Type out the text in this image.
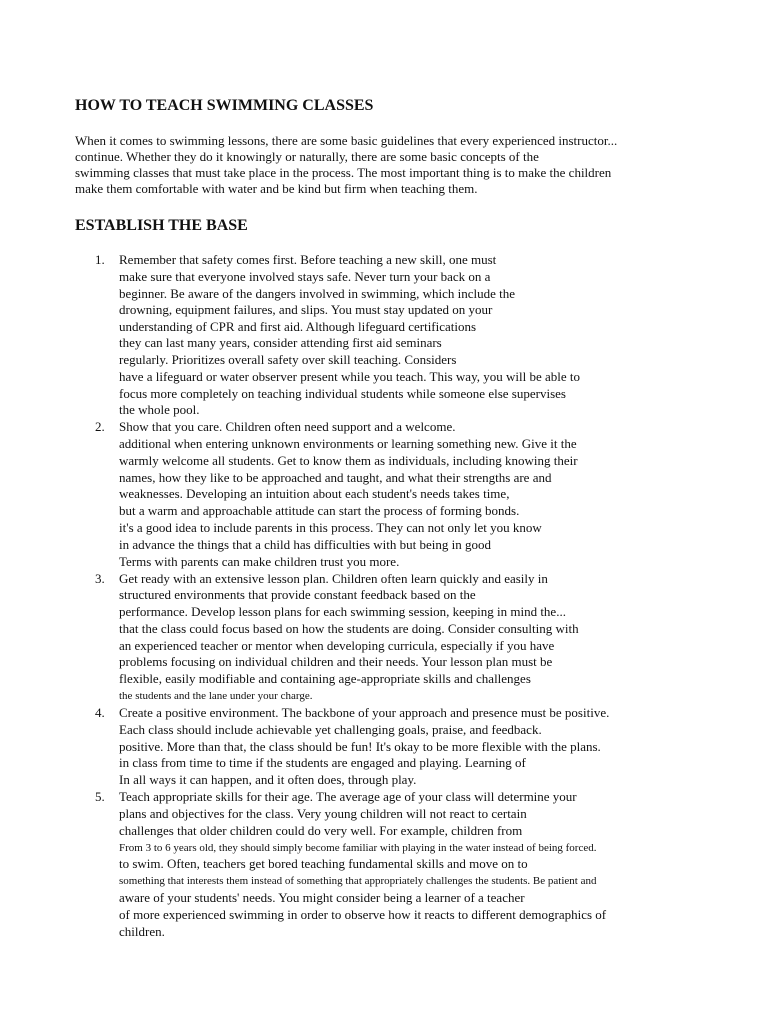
HOW TO TEACH SWIMMING CLASSES
When it comes to swimming lessons, there are some basic guidelines that every experienced instructor...
continue. Whether they do it knowingly or naturally, there are some basic concepts of the
swimming classes that must take place in the process. The most important thing is to make the children
make them comfortable with water and be kind but firm when teaching them.
ESTABLISH THE BASE
1. Remember that safety comes first. Before teaching a new skill, one must
make sure that everyone involved stays safe. Never turn your back on a
beginner. Be aware of the dangers involved in swimming, which include the
drowning, equipment failures, and slips. You must stay updated on your
understanding of CPR and first aid. Although lifeguard certifications
they can last many years, consider attending first aid seminars
regularly. Prioritizes overall safety over skill teaching. Considers
have a lifeguard or water observer present while you teach. This way, you will be able to
focus more completely on teaching individual students while someone else supervises
the whole pool.
2. Show that you care. Children often need support and a welcome.
additional when entering unknown environments or learning something new. Give it the
warmly welcome all students. Get to know them as individuals, including knowing their
names, how they like to be approached and taught, and what their strengths are and
weaknesses. Developing an intuition about each student's needs takes time,
but a warm and approachable attitude can start the process of forming bonds.
it's a good idea to include parents in this process. They can not only let you know
in advance the things that a child has difficulties with but being in good
Terms with parents can make children trust you more.
3. Get ready with an extensive lesson plan. Children often learn quickly and easily in
structured environments that provide constant feedback based on the
performance. Develop lesson plans for each swimming session, keeping in mind the...
that the class could focus based on how the students are doing. Consider consulting with
an experienced teacher or mentor when developing curricula, especially if you have
problems focusing on individual children and their needs. Your lesson plan must be
flexible, easily modifiable and containing age-appropriate skills and challenges
the students and the lane under your charge.
4. Create a positive environment. The backbone of your approach and presence must be positive.
Each class should include achievable yet challenging goals, praise, and feedback.
positive. More than that, the class should be fun! It's okay to be more flexible with the plans.
in class from time to time if the students are engaged and playing. Learning of
In all ways it can happen, and it often does, through play.
5. Teach appropriate skills for their age. The average age of your class will determine your
plans and objectives for the class. Very young children will not react to certain
challenges that older children could do very well. For example, children from
From 3 to 6 years old, they should simply become familiar with playing in the water instead of being forced.
to swim. Often, teachers get bored teaching fundamental skills and move on to
something that interests them instead of something that appropriately challenges the students. Be patient and
aware of your students' needs. You might consider being a learner of a teacher
of more experienced swimming in order to observe how it reacts to different demographics of
children.
